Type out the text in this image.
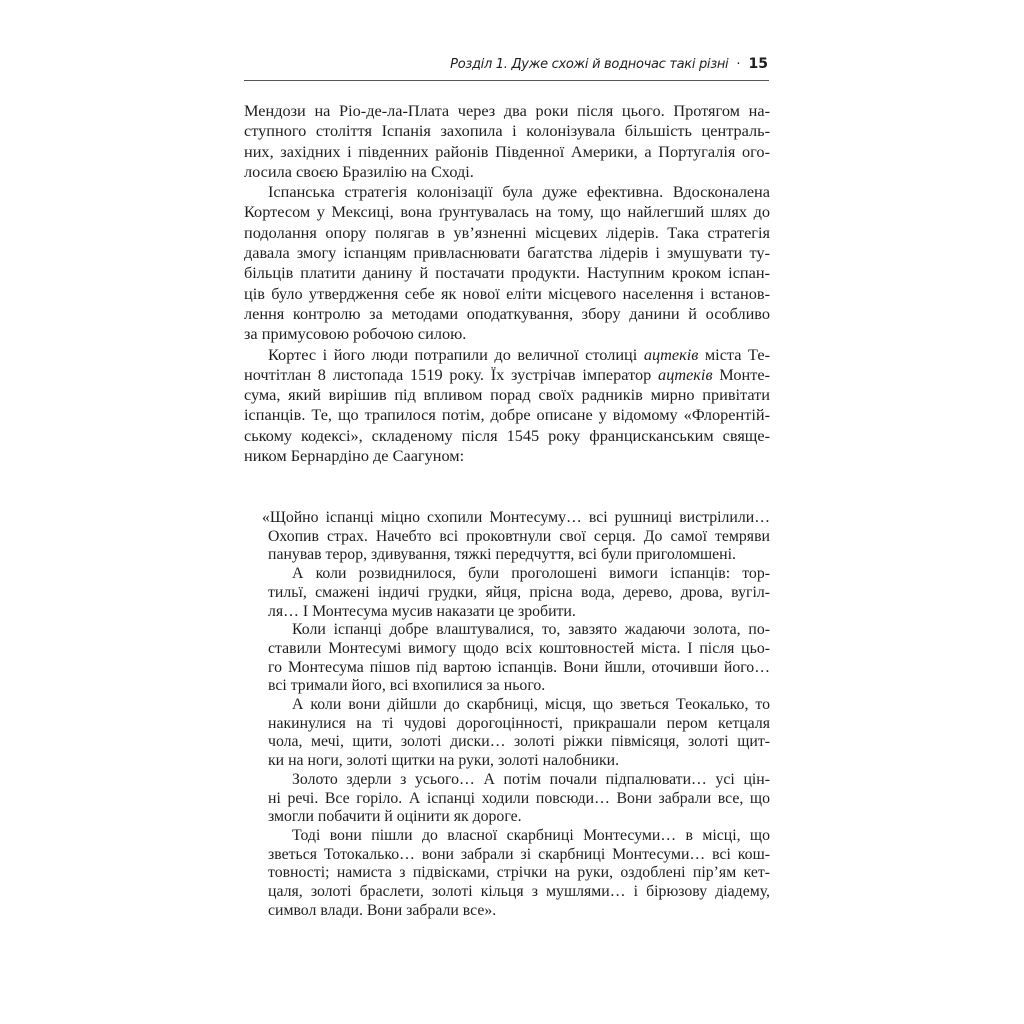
Розділ 1. Дуже схожі й водночас такі різні · 15
Мендози на Ріо-де-ла-Плата через два роки після цього. Протягом на-
ступного століття Іспанія захопила і колонізувала більшість централь-
них, західних і південних районів Південної Америки, а Португалія ого-
лосила своєю Бразилію на Сході.
Іспанська стратегія колонізації була дуже ефективна. Вдосконалена
Кортесом у Мексиці, вона ґрунтувалась на тому, що найлегший шлях до
подолання опору полягав в ув’язненні місцевих лідерів. Така стратегія
давала змогу іспанцям привласнювати багатства лідерів і змушувати ту-
більців платити данину й постачати продукти. Наступним кроком іспан-
ців було утвердження себе як нової еліти місцевого населення і встанов-
лення контролю за методами оподаткування, збору данини й особливо
за примусовою робочою силою.
Кортес і його люди потрапили до величної столиці ацтеків міста Те-
ночтітлан 8 листопада 1519 року. Їх зустрічав імператор ацтеків Монте-
сума, який вирішив під впливом порад своїх радників мирно привітати
іспанців. Те, що трапилося потім, добре описане у відомому «Флорентій-
ському кодексі», складеному після 1545 року францисканським свяще-
ником Бернардіно де Саагуном:
«Щойно іспанці міцно схопили Монтесуму… всі рушниці вистрілили…
Охопив страх. Начебто всі проковтнули свої серця. До самої темряви
панував терор, здивування, тяжкі передчуття, всі були приголомшені.
А коли розвиднилося, були проголошені вимоги іспанців: тор-
тильї, смажені індичі грудки, яйця, прісна вода, дерево, дрова, вугіл-
ля… І Монтесума мусив наказати це зробити.
Коли іспанці добре влаштувалися, то, завзято жадаючи золота, по-
ставили Монтесумі вимогу щодо всіх коштовностей міста. І після цьо-
го Монтесума пішов під вартою іспанців. Вони йшли, оточивши його…
всі тримали його, всі вхопилися за нього.
А коли вони дійшли до скарбниці, місця, що зветься Теокалько, то
накинулися на ті чудові дорогоцінності, прикрашали пером кетцаля
чола, мечі, щити, золоті диски… золоті ріжки півмісяця, золоті щит-
ки на ноги, золоті щитки на руки, золоті налобники.
Золото здерли з усього… А потім почали підпалювати… усі цін-
ні речі. Все горіло. А іспанці ходили повсюди… Вони забрали все, що
змогли побачити й оцінити як дороге.
Тоді вони пішли до власної скарбниці Монтесуми… в місці, що
зветься Тотокалько… вони забрали зі скарбниці Монтесуми… всі кош-
товності; намиста з підвісками, стрічки на руки, оздоблені пір’ям кет-
цаля, золоті браслети, золоті кільця з мушлями… і бірюзову діадему,
символ влади. Вони забрали все».
